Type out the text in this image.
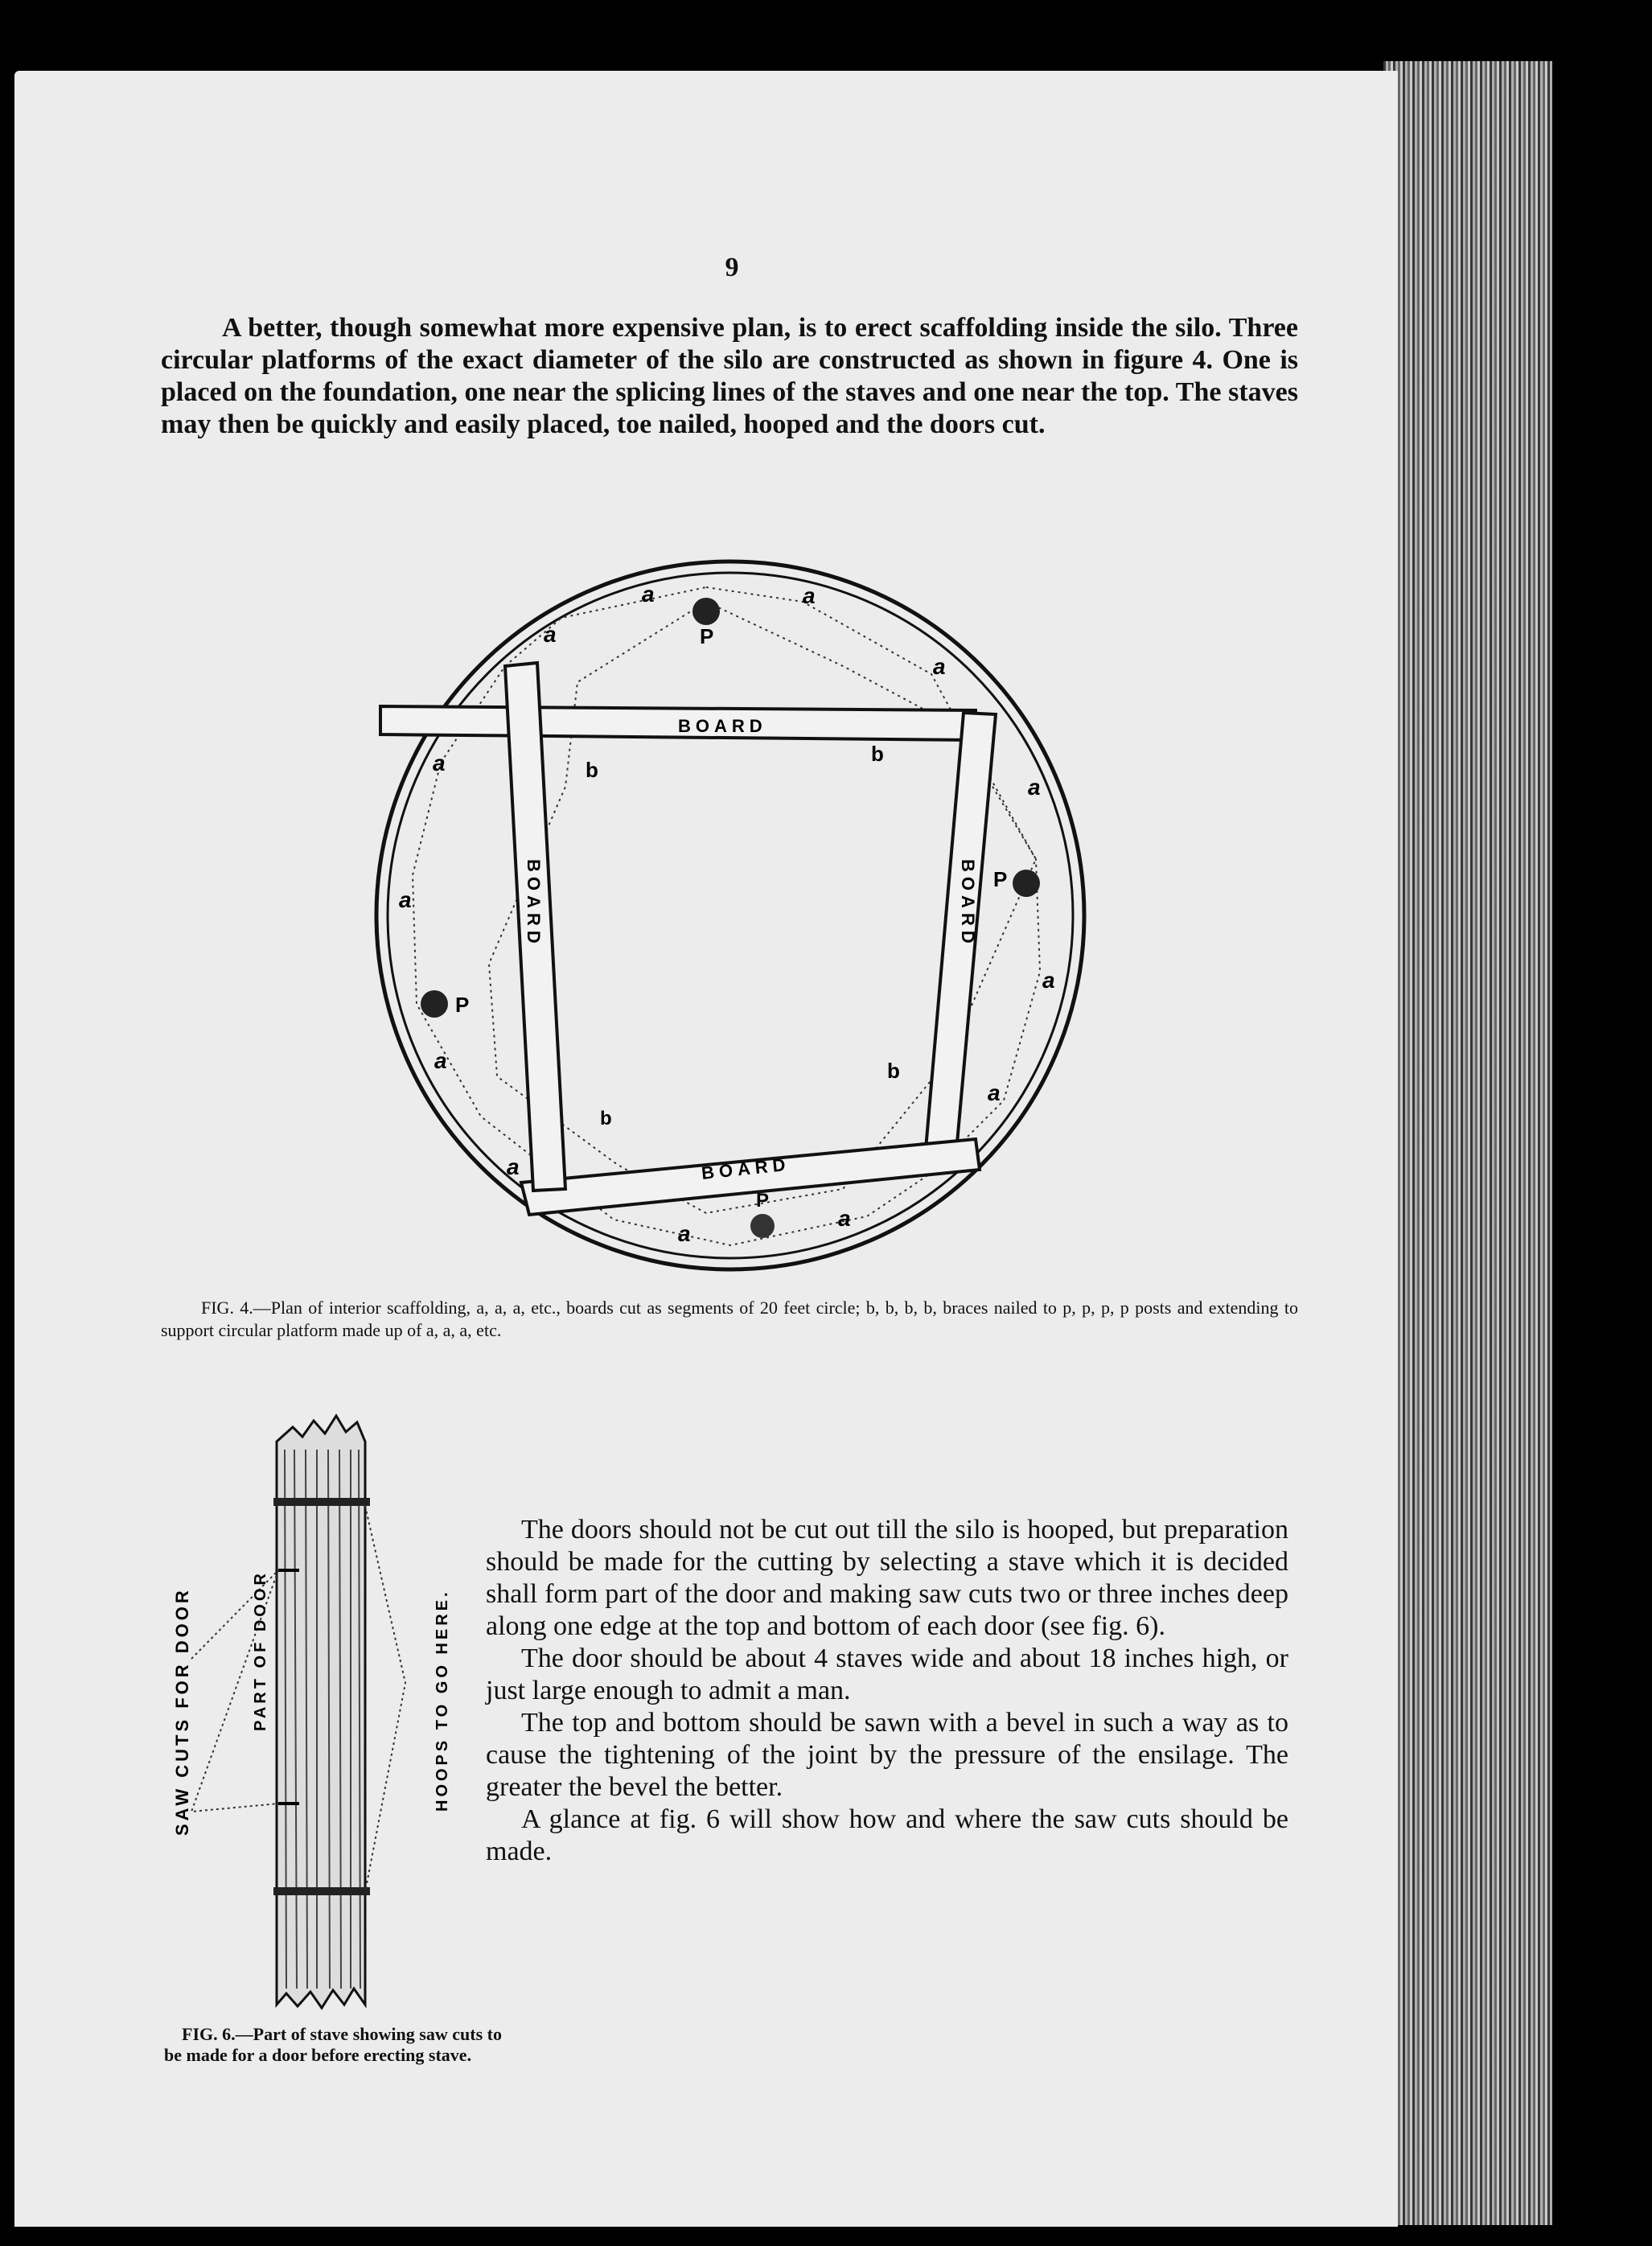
9

A better, though somewhat more expensive plan, is to erect scaffolding inside the silo. Three circular platforms of the exact diameter of the silo are constructed as shown in figure 4. One is placed on the foundation, one near the splicing lines of the staves and one near the top. The staves may then be quickly and easily placed, toe nailed, hooped and the doors cut.

BOARD
BOARD	BOARD
BOARD
P
P
P
P
a	a
a
a
a
a
a
a
a
a
a
a
a
b
b
b
b

FIG. 4.—Plan of interior scaffolding, a, a, a, etc., boards cut as segments of 20 feet circle; b, b, b, b, braces nailed to p, p, p, p posts and extending to support circular platform made up of a, a, a, etc.

SAW CUTS FOR DOOR	PART OF DOOR	HOOPS TO GO HERE.

FIG. 6.—Part of stave showing saw cuts to be made for a door before erecting stave.

The doors should not be cut out till the silo is hooped, but preparation should be made for the cutting by selecting a stave which it is decided shall form part of the door and making saw cuts two or three inches deep along one edge at the top and bottom of each door (see fig. 6).

The door should be about 4 staves wide and about 18 inches high, or just large enough to admit a man.

The top and bottom should be sawn with a bevel in such a way as to cause the tightening of the joint by the pressure of the ensilage. The greater the bevel the better.

A glance at fig. 6 will show how and where the saw cuts should be made.
